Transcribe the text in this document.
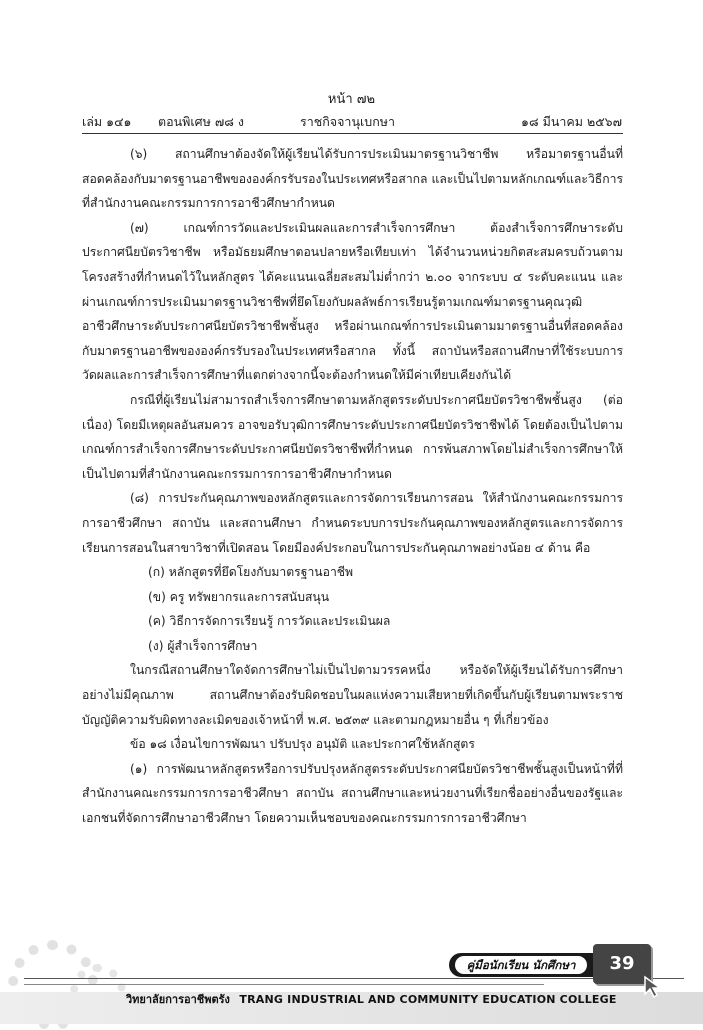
หน้า ๗๒
เล่ม ๑๔๑ ตอนพิเศษ ๗๘ ง	ราชกิจจานุเบกษา	๑๘ มีนาคม ๒๕๖๗

(๖) สถานศึกษาต้องจัดให้ผู้เรียนได้รับการประเมินมาตรฐานวิชาชีพ หรือมาตรฐานอื่นที่สอดคล้องกับมาตรฐานอาชีพขององค์กรรับรองในประเทศหรือสากล และเป็นไปตามหลักเกณฑ์และวิธีการที่สำนักงานคณะกรรมการการอาชีวศึกษากำหนด

(๗) เกณฑ์การวัดและประเมินผลและการสำเร็จการศึกษา ต้องสำเร็จการศึกษาระดับประกาศนียบัตรวิชาชีพ หรือมัธยมศึกษาตอนปลายหรือเทียบเท่า ได้จำนวนหน่วยกิตสะสมครบถ้วนตามโครงสร้างที่กำหนดไว้ในหลักสูตร ได้คะแนนเฉลี่ยสะสมไม่ต่ำกว่า ๒.๐๐ จากระบบ ๔ ระดับคะแนน และผ่านเกณฑ์การประเมินมาตรฐานวิชาชีพที่ยึดโยงกับผลลัพธ์การเรียนรู้ตามเกณฑ์มาตรฐานคุณวุฒิอาชีวศึกษาระดับประกาศนียบัตรวิชาชีพชั้นสูง หรือผ่านเกณฑ์การประเมินตามมาตรฐานอื่นที่สอดคล้องกับมาตรฐานอาชีพขององค์กรรับรองในประเทศหรือสากล ทั้งนี้ สถาบันหรือสถานศึกษาที่ใช้ระบบการวัดผลและการสำเร็จการศึกษาที่แตกต่างจากนี้จะต้องกำหนดให้มีค่าเทียบเคียงกันได้

กรณีที่ผู้เรียนไม่สามารถสำเร็จการศึกษาตามหลักสูตรระดับประกาศนียบัตรวิชาชีพชั้นสูง (ต่อเนื่อง) โดยมีเหตุผลอันสมควร อาจขอรับวุฒิการศึกษาระดับประกาศนียบัตรวิชาชีพได้ โดยต้องเป็นไปตามเกณฑ์การสำเร็จการศึกษาระดับประกาศนียบัตรวิชาชีพที่กำหนด การพ้นสภาพโดยไม่สำเร็จการศึกษาให้เป็นไปตามที่สำนักงานคณะกรรมการการอาชีวศึกษากำหนด

(๘) การประกันคุณภาพของหลักสูตรและการจัดการเรียนการสอน ให้สำนักงานคณะกรรมการการอาชีวศึกษา สถาบัน และสถานศึกษา กำหนดระบบการประกันคุณภาพของหลักสูตรและการจัดการเรียนการสอนในสาขาวิชาที่เปิดสอน โดยมีองค์ประกอบในการประกันคุณภาพอย่างน้อย ๔ ด้าน คือ

(ก) หลักสูตรที่ยึดโยงกับมาตรฐานอาชีพ

(ข) ครู ทรัพยากรและการสนับสนุน

(ค) วิธีการจัดการเรียนรู้ การวัดและประเมินผล

(ง) ผู้สำเร็จการศึกษา

ในกรณีสถานศึกษาใดจัดการศึกษาไม่เป็นไปตามวรรคหนึ่ง หรือจัดให้ผู้เรียนได้รับการศึกษาอย่างไม่มีคุณภาพ สถานศึกษาต้องรับผิดชอบในผลแห่งความเสียหายที่เกิดขึ้นกับผู้เรียนตามพระราชบัญญัติความรับผิดทางละเมิดของเจ้าหน้าที่ พ.ศ. ๒๕๓๙ และตามกฎหมายอื่น ๆ ที่เกี่ยวข้อง

ข้อ ๑๘ เงื่อนไขการพัฒนา ปรับปรุง อนุมัติ และประกาศใช้หลักสูตร

(๑) การพัฒนาหลักสูตรหรือการปรับปรุงหลักสูตรระดับประกาศนียบัตรวิชาชีพชั้นสูงเป็นหน้าที่ที่สำนักงานคณะกรรมการการอาชีวศึกษา สถาบัน สถานศึกษาและหน่วยงานที่เรียกชื่ออย่างอื่นของรัฐและเอกชนที่จัดการศึกษาอาชีวศึกษา โดยความเห็นชอบของคณะกรรมการการอาชีวศึกษา

คู่มือนักเรียน นักศึกษา	39
วิทยาลัยการอาชีพตรัง TRANG INDUSTRIAL AND COMMUNITY EDUCATION COLLEGE
